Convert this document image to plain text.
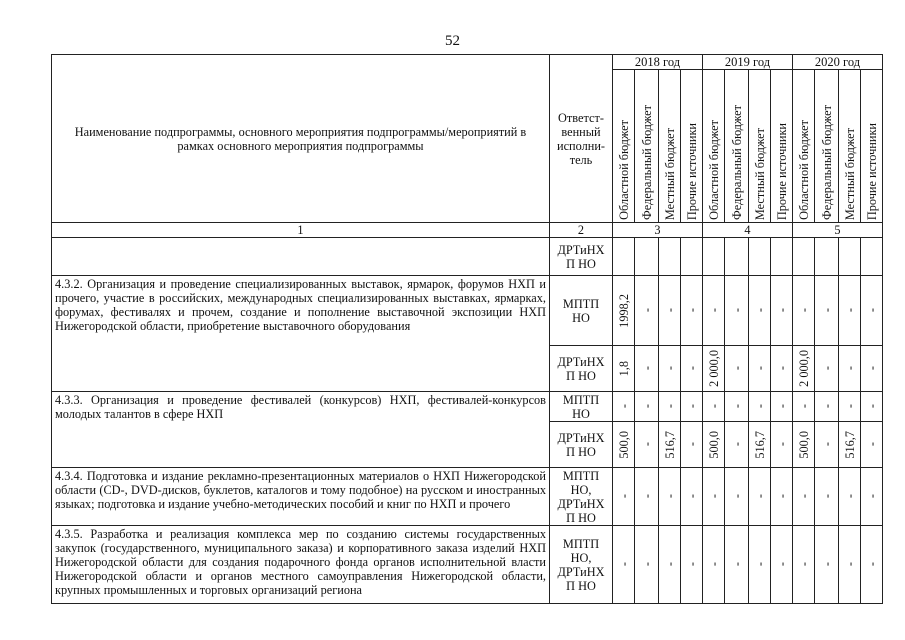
52
Наименование подпрограммы, основного мероприятия подпрограммы/мероприятий в рамках основного мероприятия подпрограммы	Ответст-венный исполни-тель	2018 год				2019 год				2020 год			

		Областной бюджет	Федеральный бюджет	Местный бюджет	Прочие источники	Областной бюджет	Федеральный бюджет	Местный бюджет	Прочие источники	Областной бюджет	Федеральный бюджет	Местный бюджет	Прочие источники

1	2	3				4				5			
	ДРТиНХ П НО	

4.3.2. Организация и проведение специализированных выставок, ярмарок, форумов НХП и прочего, участие в российских, международных специализированных выставках, ярмарках, форумах, фестивалях и прочем, создание и пополнение выставочной экспозиции НХП Нижегородской области, приобретение выставочного оборудования	МПТП НО	1998,2	-	-	-	-	-	-	-	-	-	-	-

	ДРТиНХ П НО	1,8	-	-	-	2 000,0	-	-	-	2 000,0	-	-	-

4.3.3. Организация и проведение фестивалей (конкурсов) НХП, фестивалей-конкурсов молодых талантов в сфере НХП	МПТП НО	-	-	-	-	-	-	-	-	-	-	-	-

	ДРТиНХ П НО	500,0	-	516,7	-	500,0	-	516,7	-	500,0	-	516,7	-

4.3.4. Подготовка и издание рекламно-презентационных материалов о НХП Нижегородской области (CD-, DVD-дисков, буклетов, каталогов и тому подобное) на русском и иностранных языках; подготовка и издание учебно-методических пособий и книг по НХП и прочего	МПТП НО, ДРТиНХ П НО	-	-	-	-	-	-	-	-	-	-	-	-

4.3.5. Разработка и реализация комплекса мер по созданию системы государственных закупок (государственного, муниципального заказа) и корпоративного заказа изделий НХП Нижегородской области для создания подарочного фонда органов исполнительной власти Нижегородской области и органов местного самоуправления Нижегородской области, крупных промышленных и торговых организаций региона	МПТП НО, ДРТиНХ П НО	-	-	-	-	-	-	-	-	-	-	-	-
